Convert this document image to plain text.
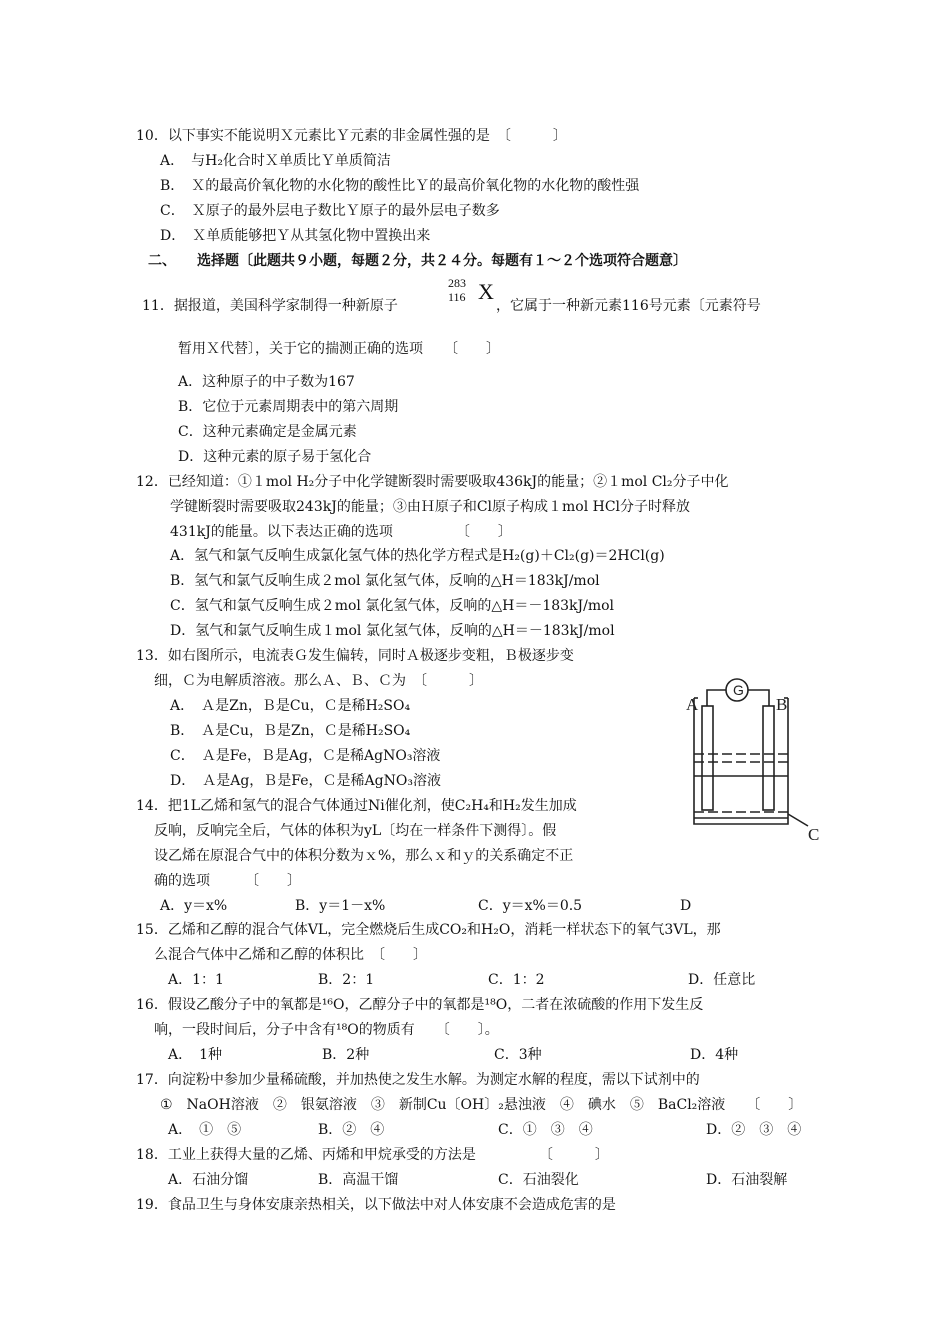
10．以下事实不能说明Ｘ元素比Ｙ元素的非金属性强的是　〔　　　〕
A．　与H₂化合时Ｘ单质比Ｙ单质简洁
B．　Ｘ的最高价氧化物的水化物的酸性比Ｙ的最高价氧化物的水化物的酸性强
C．　Ｘ原子的最外层电子数比Ｙ原子的最外层电子数多
D．　Ｘ单质能够把Ｙ从其氢化物中置换出来
二、　　选择题〔此题共９小题，每题２分，共２４分。每题有１～２个选项符合题意〕
283
116 X
11．据报道，美国科学家制得一种新原子	，它属于一种新元素116号元素〔元素符号
暂用Ｘ代替〕，关于它的揣测正确的选项　　〔　　〕
A．这种原子的中子数为167
B．它位于元素周期表中的第六周期
C．这种元素确定是金属元素
D．这种元素的原子易于氢化合
12．已经知道：①１mol H₂分子中化学键断裂时需要吸取436kJ的能量；②１mol Cl₂分子中化
学键断裂时需要吸取243kJ的能量；③由Ｈ原子和Cl原子构成１mol HCl分子时释放
431kJ的能量。以下表达正确的选项　　　　　〔　　〕
A．氢气和氯气反响生成氯化氢气体的热化学方程式是H₂(g)＋Cl₂(g)＝2HCl(g)
B．氢气和氯气反响生成２mol 氯化氢气体，反响的△H＝183kJ/mol
C．氢气和氯气反响生成２mol 氯化氢气体，反响的△H＝－183kJ/mol
D．氢气和氯气反响生成１mol 氯化氢气体，反响的△H＝－183kJ/mol
13．如右图所示，电流表Ｇ发生偏转，同时Ａ极逐步变粗，Ｂ极逐步变
细，Ｃ为电解质溶液。那么Ａ、Ｂ、Ｃ为　〔　　　〕
A．　Ａ是Zn，Ｂ是Cu，Ｃ是稀H₂SO₄
B．　Ａ是Cu，Ｂ是Zn，Ｃ是稀H₂SO₄
C．　Ａ是Fe，Ｂ是Ag，Ｃ是稀AgNO₃溶液
D．　Ａ是Ag，Ｂ是Fe，Ｃ是稀AgNO₃溶液
G
A	B
C
14．把1L乙烯和氢气的混合气体通过Ni催化剂，使C₂H₄和H₂发生加成
反响，反响完全后，气体的体积为yL〔均在一样条件下测得〕。假
设乙烯在原混合气中的体积分数为ｘ%，那么ｘ和ｙ的关系确定不正
确的选项　　　〔　　〕
A．y＝x%	B．y＝1－x%	C．y＝x%＝0.5	D
15．乙烯和乙醇的混合气体VL，完全燃烧后生成CO₂和H₂O，消耗一样状态下的氧气3VL，那
么混合气体中乙烯和乙醇的体积比　〔　　〕
A．1：1	B．2：1	C．1：2	D．任意比
16．假设乙酸分子中的氧都是¹⁶O，乙醇分子中的氧都是¹⁸O，二者在浓硫酸的作用下发生反
响，一段时间后，分子中含有¹⁸O的物质有　　〔　　〕。
A．　1种	B．2种	C．3种	D．4种
17．向淀粉中参加少量稀硫酸，并加热使之发生水解。为测定水解的程度，需以下试剂中的
①　NaOH溶液　②　银氨溶液　③　新制Cu〔OH〕₂悬浊液　④　碘水　⑤　BaCl₂溶液　　〔　　〕
A．　①　⑤	B．②　④	C．①　③　④	D．②　③　④
18．工业上获得大量的乙烯、丙烯和甲烷承受的方法是　　　　　〔　　　〕
A．石油分馏	B．高温干馏	C．石油裂化	D．石油裂解
19．食品卫生与身体安康亲热相关，以下做法中对人体安康不会造成危害的是
